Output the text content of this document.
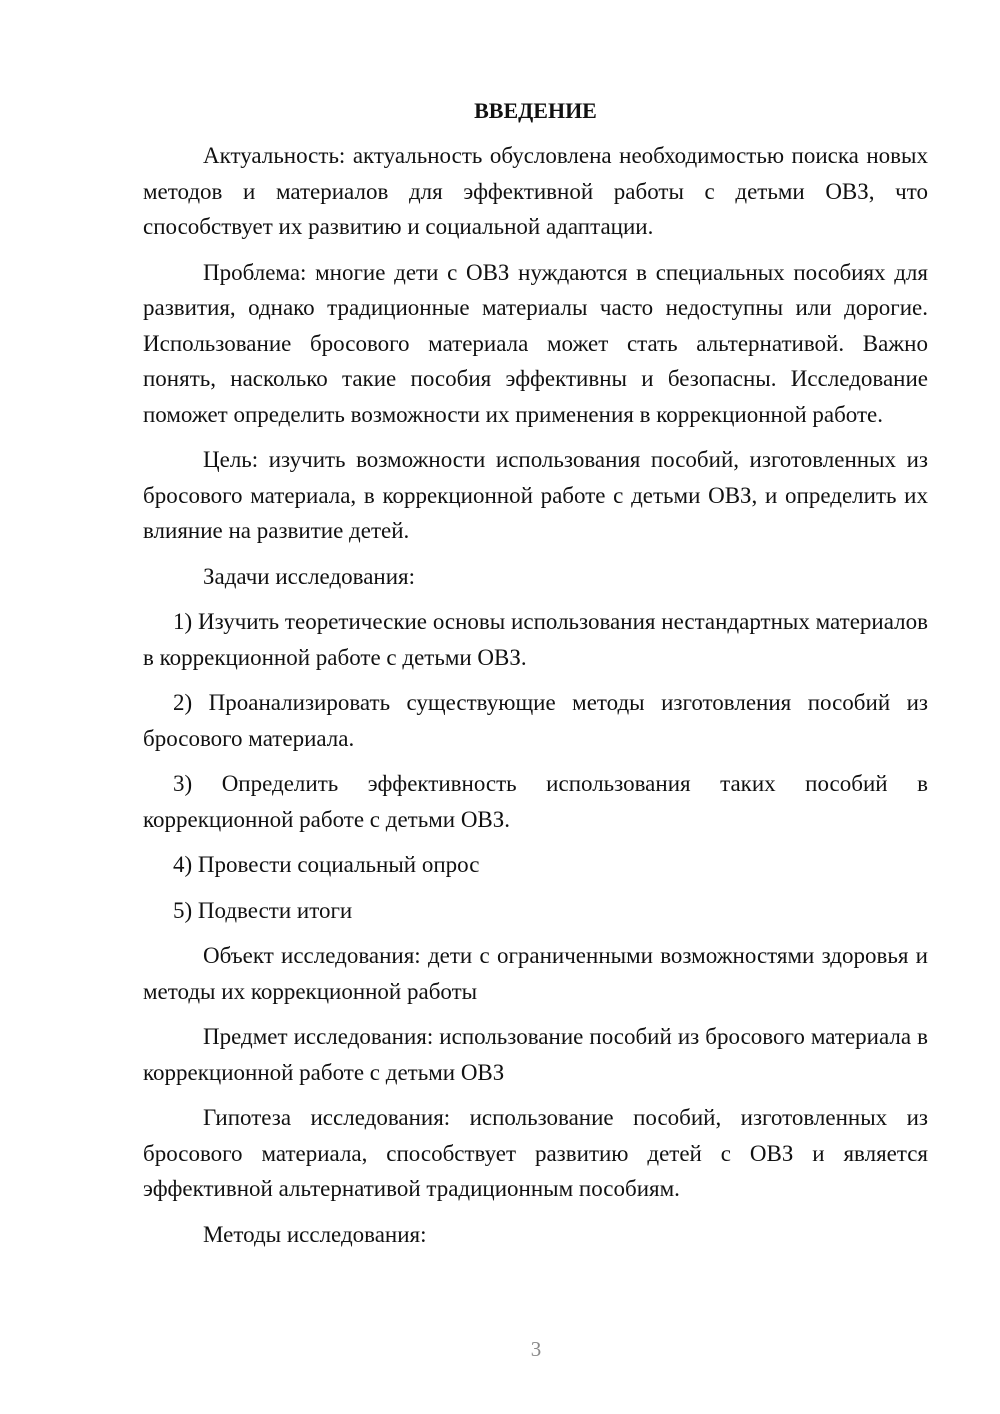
ВВЕДЕНИЕ

Актуальность: актуальность обусловлена необходимостью поиска новых методов и материалов для эффективной работы с детьми ОВЗ, что способствует их развитию и социальной адаптации.

Проблема: многие дети с ОВЗ нуждаются в специальных пособиях для развития, однако традиционные материалы часто недоступны или дорогие. Использование бросового материала может стать альтернативой. Важно понять, насколько такие пособия эффективны и безопасны. Исследование поможет определить возможности их применения в коррекционной работе.

Цель: изучить возможности использования пособий, изготовленных из бросового материала, в коррекционной работе с детьми ОВЗ, и определить их влияние на развитие детей.

Задачи исследования:

1) Изучить теоретические основы использования нестандартных материалов в коррекционной работе с детьми ОВЗ.

2) Проанализировать существующие методы изготовления пособий из бросового материала.

3) Определить эффективность использования таких пособий в коррекционной работе с детьми ОВЗ.

4) Провести социальный опрос

5) Подвести итоги

Объект исследования: дети с ограниченными возможностями здоровья и методы их коррекционной работы

Предмет исследования: использование пособий из бросового материала в коррекционной работе с детьми ОВЗ

Гипотеза исследования: использование пособий, изготовленных из бросового материала, способствует развитию детей с ОВЗ и является эффективной альтернативой традиционным пособиям.

Методы исследования:

3
